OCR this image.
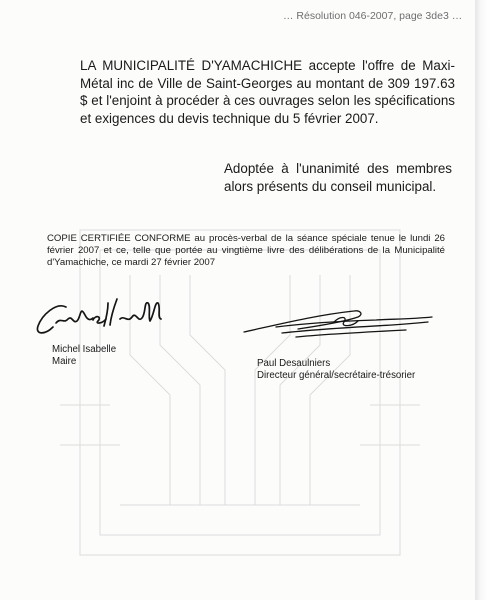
… Résolution 046-2007, page 3de3 …
LA MUNICIPALITÉ D'YAMACHICHE accepte l'offre de Maxi-Métal inc de Ville de Saint-Georges au montant de 309 197.63 $ et l'enjoint à procéder à ces ouvrages selon les spécifications et exigences du devis technique du 5 février 2007.
Adoptée à l'unanimité des membres alors présents du conseil municipal.
COPIE CERTIFIÉE CONFORME au procès-verbal de la séance spéciale tenue le lundi 26 février 2007 et ce, telle que portée au vingtième livre des délibérations de la Municipalité d'Yamachiche, ce mardi 27 février 2007
Michel Isabelle
Maire	Paul Desaulniers
Directeur général/secrétaire-trésorier
